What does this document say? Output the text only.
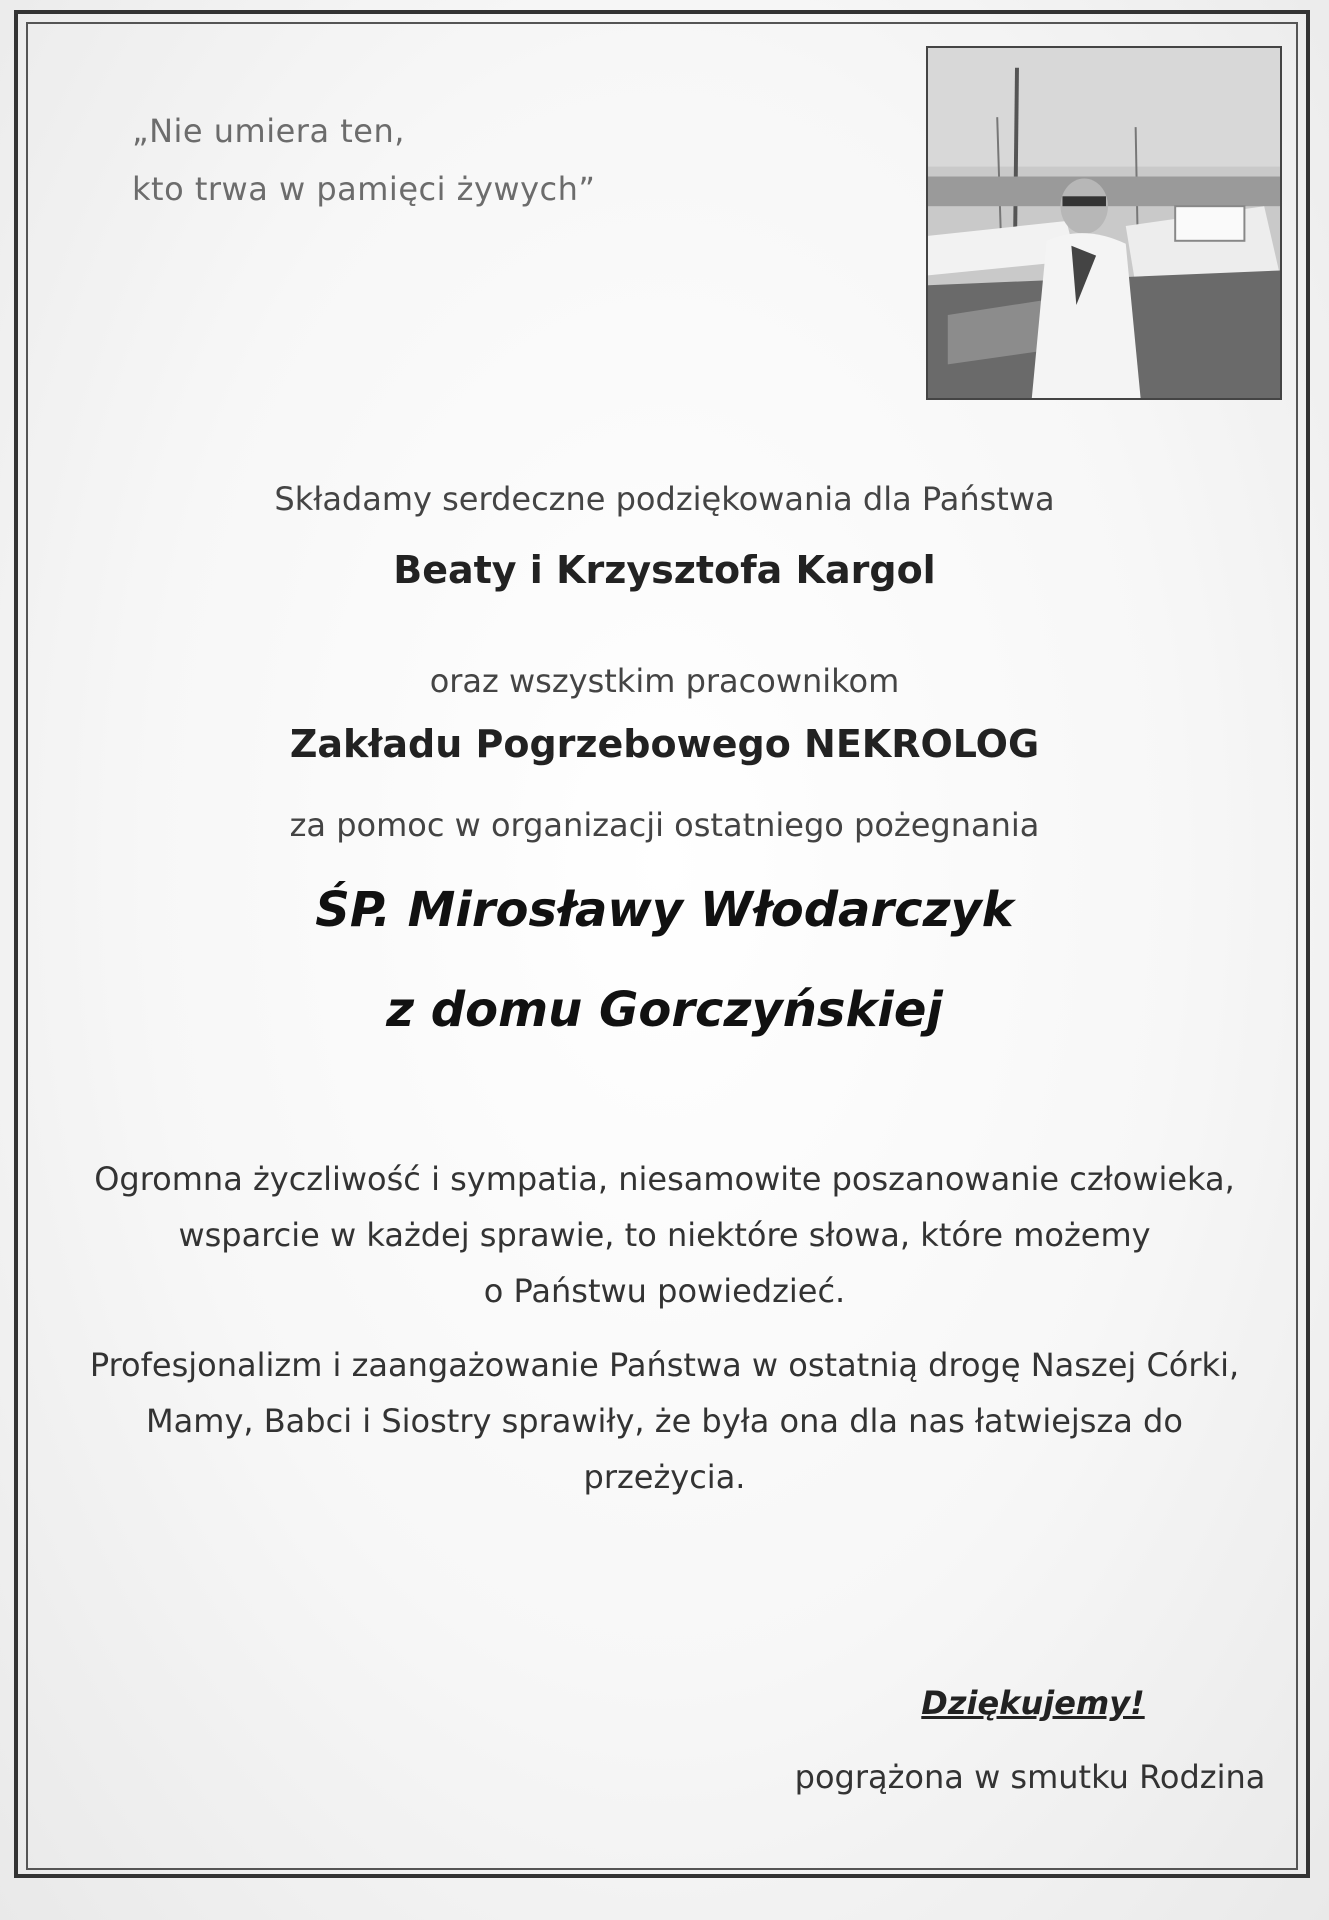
„Nie umiera ten,
kto trwa w pamięci żywych”
Składamy serdeczne podziękowania dla Państwa
Beaty i Krzysztofa Kargol
oraz wszystkim pracownikom
Zakładu Pogrzebowego NEKROLOG
za pomoc w organizacji ostatniego pożegnania
ŚP. Mirosławy Włodarczyk
z domu Gorczyńskiej
Ogromna życzliwość i sympatia, niesamowite poszanowanie człowieka,
wsparcie w każdej sprawie, to niektóre słowa, które możemy
o Państwu powiedzieć.
Profesjonalizm i zaangażowanie Państwa w ostatnią drogę Naszej Córki,
Mamy, Babci i Siostry sprawiły, że była ona dla nas łatwiejsza do
przeżycia.
Dziękujemy!
pogrążona w smutku Rodzina
